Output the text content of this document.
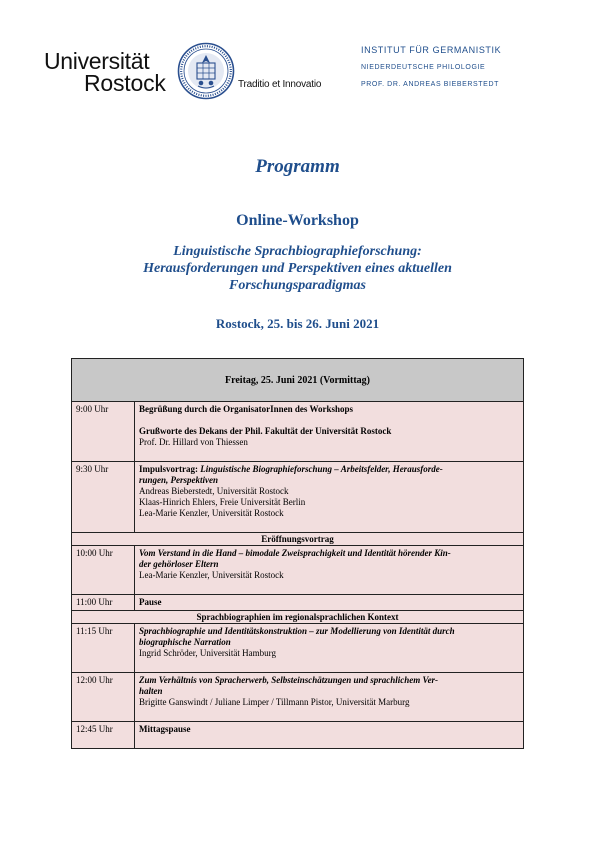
Universität
Rostock	Traditio et Innovatio
INSTITUT FÜR GERMANISTIK
NIEDERDEUTSCHE PHILOLOGIE
PROF. DR. ANDREAS BIEBERSTEDT
Programm
Online-Workshop
Linguistische Sprachbiographieforschung:
Herausforderungen und Perspektiven eines aktuellen
Forschungsparadigmas
Rostock, 25. bis 26. Juni 2021
Freitag, 25. Juni 2021 (Vormittag)	
9:00 Uhr	Begrüßung durch die OrganisatorInnen des Workshops
Grußworte des Dekans der Phil. Fakultät der Universität Rostock
Prof. Dr. Hillard von Thiessen

9:30 Uhr	Impulsvortrag: Linguistische Biographieforschung – Arbeitsfelder, Herausforde-
rungen, Perspektiven
Andreas Bieberstedt, Universität Rostock
Klaas-Hinrich Ehlers, Freie Universität Berlin
Lea-Marie Kenzler, Universität Rostock

Eröffnungsvortrag	
10:00 Uhr	Vom Verstand in die Hand – bimodale Zweisprachigkeit und Identität hörender Kin-
der gehörloser Eltern
Lea-Marie Kenzler, Universität Rostock

11:00 Uhr	Pause
Sprachbiographien im regionalsprachlichen Kontext	
11:15 Uhr	Sprachbiographie und Identitätskonstruktion – zur Modellierung von Identität durch
biographische Narration
Ingrid Schröder, Universität Hamburg

12:00 Uhr	Zum Verhältnis von Spracherwerb, Selbsteinschätzungen und sprachlichem Ver-
halten
Brigitte Ganswindt / Juliane Limper / Tillmann Pistor, Universität Marburg

12:45 Uhr	Mittagspause
